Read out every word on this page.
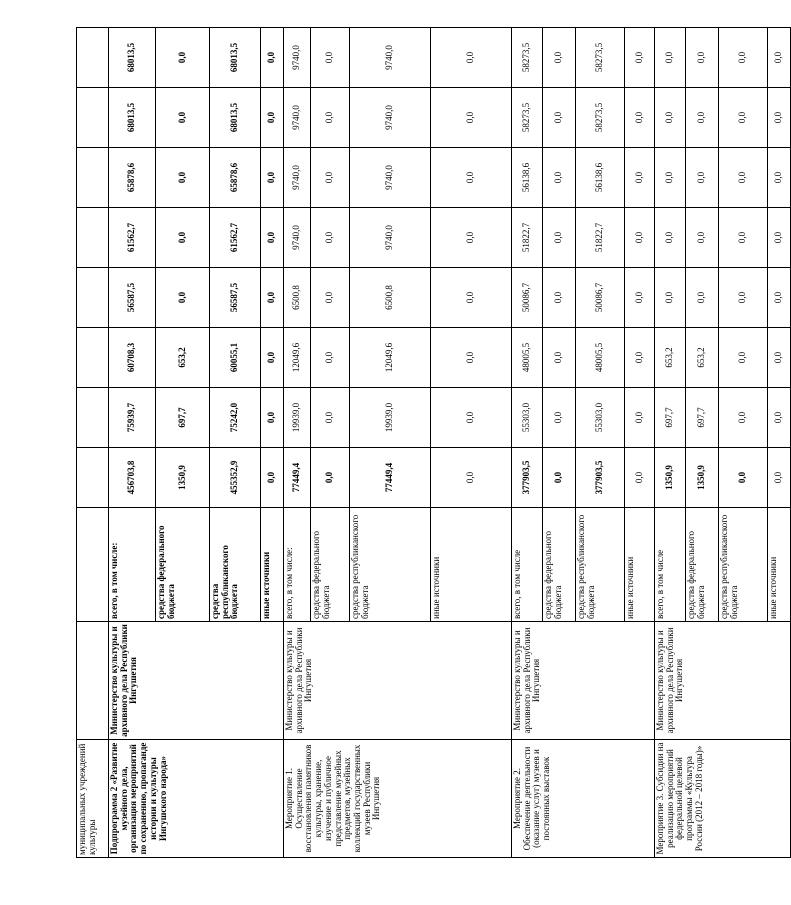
муниципальных учреждений культуры										
Подпрограмма 2 «Развитие музейного дела, организация мероприятий по сохранению, пропаганде истории и культуры Ингушского народа»	Министерство культуры и архивного дела Республики Ингушетия	всего, в том числе:	456703,8	75939,7	60708,3	56587,5	61562,7	65878,6	68013,5	68013,5
		средства федерального бюджета	1350,9	697,7	653,2	0,0	0,0	0,0	0,0	0,0
		средства республиканского бюджета	455352,9	75242,0	60055,1	56587,5	61562,7	65878,6	68013,5	68013,5
		иные источники	0,0	0,0	0,0	0,0	0,0	0,0	0,0	0,0
Мероприятие 1. Осуществление восстановления памятников культуры, хранение, изучение и публичное представление музейных предметов, музейных коллекций государственных музеев Республики Ингушетия	Министерство культуры и архивного дела Республики Ингушетия	всего, в том числе:	77449,4	19939,0	12049,6	6500,8	9740,0	9740,0	9740,0	9740,0
		средства федерального бюджета	0,0	0,0	0,0	0,0	0,0	0,0	0,0	0,0
		средства республиканского бюджета	77449,4	19939,0	12049,6	6500,8	9740,0	9740,0	9740,0	9740,0
		иные источники	0,0	0,0	0,0	0,0	0,0	0,0	0,0	0,0
Мероприятие 2. Обеспечение деятельности (оказание услуг) музеев и постоянных выставок	Министерство культуры и архивного дела Республики Ингушетия	всего, в том числе	377903,5	55303,0	48005,5	50086,7	51822,7	56138,6	58273,5	58273,5
		средства федерального бюджета	0,0	0,0	0,0	0,0	0,0	0,0	0,0	0,0
		средства республиканского бюджета	377903,5	55303,0	48005,5	50086,7	51822,7	56138,6	58273,5	58273,5
		иные источники	0,0	0,0	0,0	0,0	0,0	0,0	0,0	0,0
Мероприятие 3. Субсидии на реализацию мероприятий федеральной целевой программы «Культура России (2012 – 2018 годы)»	Министерство культуры и архивного дела Республики Ингушетия	всего, в том числе	1350,9	697,7	653,2	0,0	0,0	0,0	0,0	0,0
		средства федерального бюджета	1350,9	697,7	653,2	0,0	0,0	0,0	0,0	0,0
		средства республиканского бюджета	0,0	0,0	0,0	0,0	0,0	0,0	0,0	0,0
		иные источники	0,0	0,0	0,0	0,0	0,0	0,0	0,0	0,0
